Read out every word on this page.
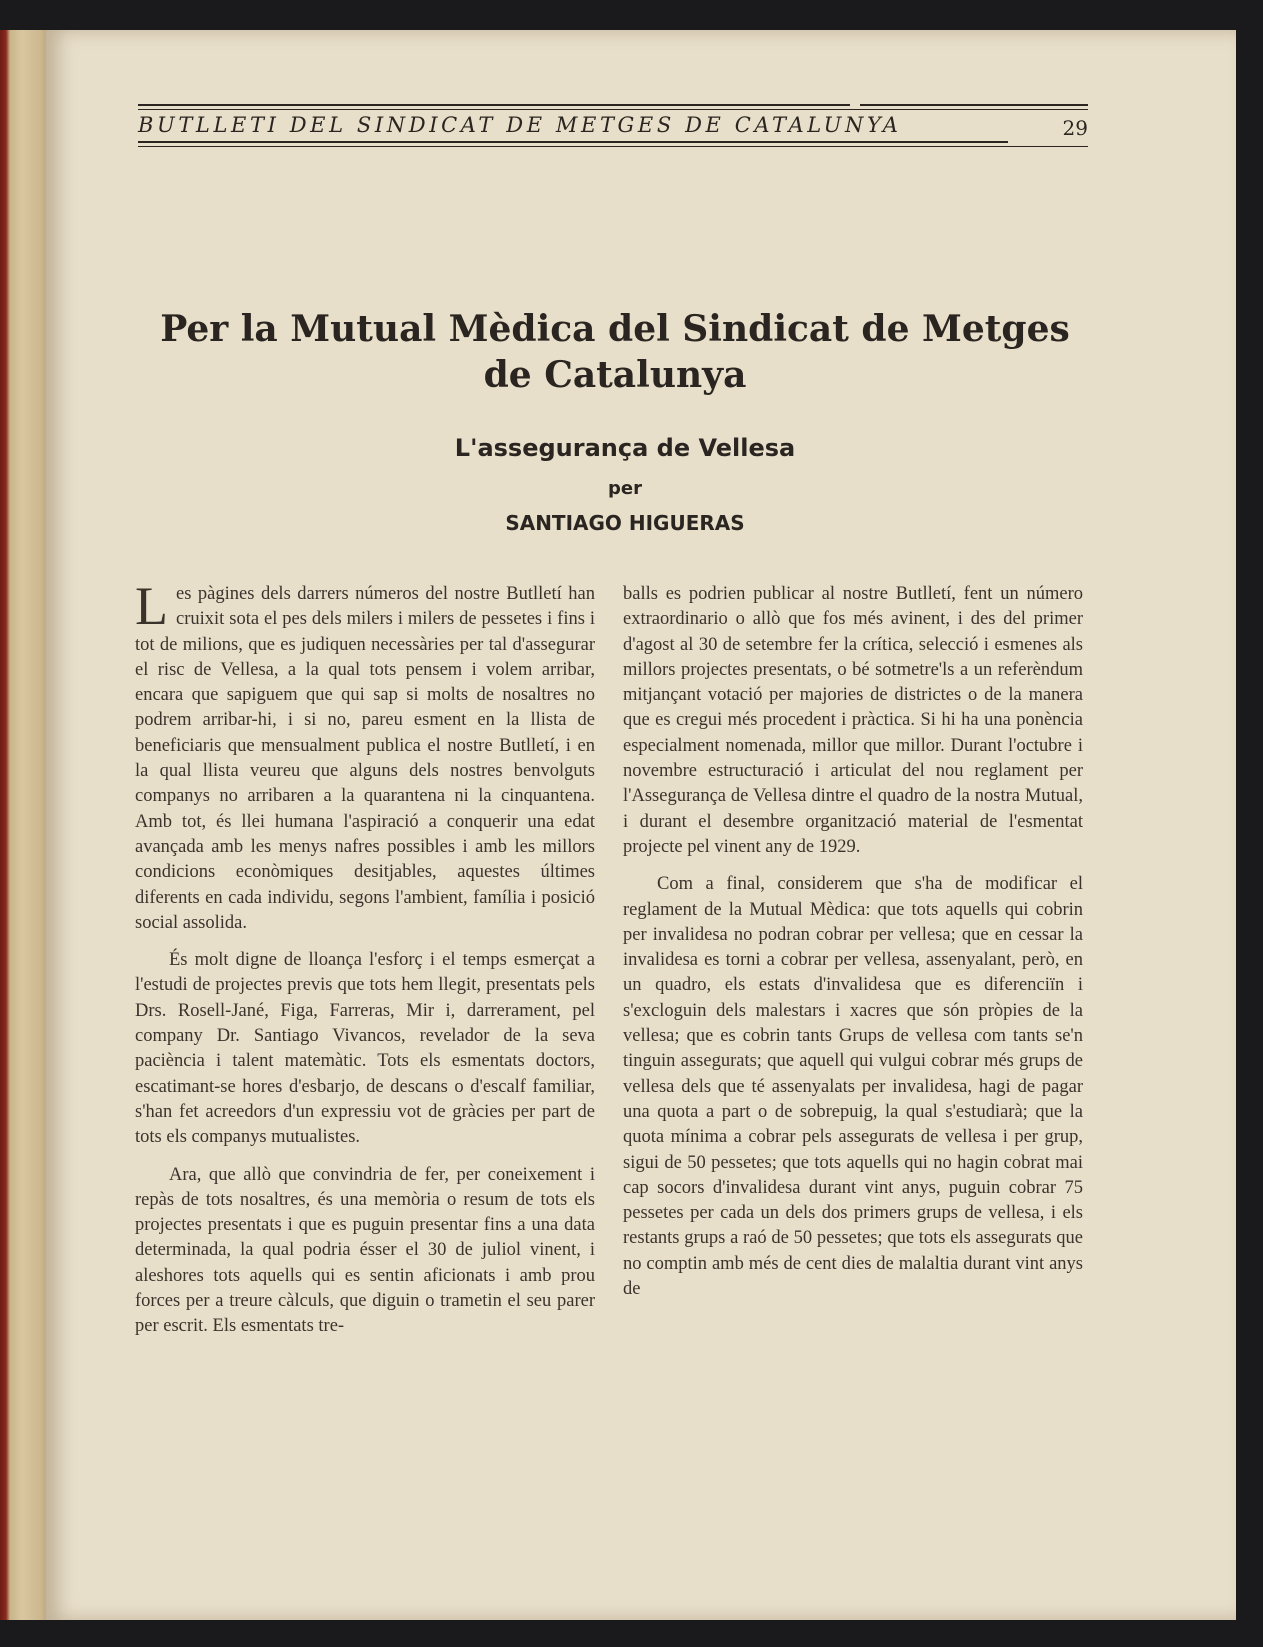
BUTLLETI DEL SINDICAT DE METGES DE CATALUNYA	29
Per la Mutual Mèdica del Sindicat de Metges de Catalunya
L'assegurança de Vellesa
per
SANTIAGO HIGUERAS

L es pàgines dels darrers números del nostre Butlletí han cruixit sota el pes dels milers i milers de pessetes i fins i tot de milions, que es judiquen necessàries per tal d'assegurar el risc de Vellesa, a la qual tots pensem i volem arribar, encara que sapiguem que qui sap si molts de nosaltres no podrem arribar-hi, i si no, pareu esment en la llista de beneficiaris que mensualment publica el nostre Butlletí, i en la qual llista veureu que alguns dels nostres benvolguts companys no arribaren a la quarantena ni la cinquantena. Amb tot, és llei humana l'aspiració a conquerir una edat avançada amb les menys nafres possibles i amb les millors condicions econòmiques desitjables, aquestes últimes diferents en cada individu, segons l'ambient, família i posició social assolida.

És molt digne de lloança l'esforç i el temps esmerçat a l'estudi de projectes previs que tots hem llegit, presentats pels Drs. Rosell-Jané, Figa, Farreras, Mir i, darrerament, pel company Dr. Santiago Vivancos, revelador de la seva paciència i talent matemàtic. Tots els esmentats doctors, escatimant-se hores d'esbarjo, de descans o d'escalf familiar, s'han fet acreedors d'un expressiu vot de gràcies per part de tots els companys mutualistes.

Ara, que allò que convindria de fer, per coneixement i repàs de tots nosaltres, és una memòria o resum de tots els projectes presentats i que es puguin presentar fins a una data determinada, la qual podria ésser el 30 de juliol vinent, i aleshores tots aquells qui es sentin aficionats i amb prou forces per a treure càlculs, que diguin o trametin el seu parer per escrit. Els esmentats tre-

balls es podrien publicar al nostre Butlletí, fent un número extraordinario o allò que fos més avinent, i des del primer d'agost al 30 de setembre fer la crítica, selecció i esmenes als millors projectes presentats, o bé sotmetre'ls a un referèndum mitjançant votació per majories de districtes o de la manera que es cregui més procedent i pràctica. Si hi ha una ponència especialment nomenada, millor que millor. Durant l'octubre i novembre estructuració i articulat del nou reglament per l'Assegurança de Vellesa dintre el quadro de la nostra Mutual, i durant el desembre organització material de l'esmentat projecte pel vinent any de 1929.

Com a final, considerem que s'ha de modificar el reglament de la Mutual Mèdica: que tots aquells qui cobrin per invalidesa no podran cobrar per vellesa; que en cessar la invalidesa es torni a cobrar per vellesa, assenyalant, però, en un quadro, els estats d'invalidesa que es diferenciïn i s'excloguin dels malestars i xacres que són pròpies de la vellesa; que es cobrin tants Grups de vellesa com tants se'n tinguin assegurats; que aquell qui vulgui cobrar més grups de vellesa dels que té assenyalats per invalidesa, hagi de pagar una quota a part o de sobrepuig, la qual s'estudiarà; que la quota mínima a cobrar pels assegurats de vellesa i per grup, sigui de 50 pessetes; que tots aquells qui no hagin cobrat mai cap socors d'invalidesa durant vint anys, puguin cobrar 75 pessetes per cada un dels dos primers grups de vellesa, i els restants grups a raó de 50 pessetes; que tots els assegurats que no comptin amb més de cent dies de malaltia durant vint anys de
